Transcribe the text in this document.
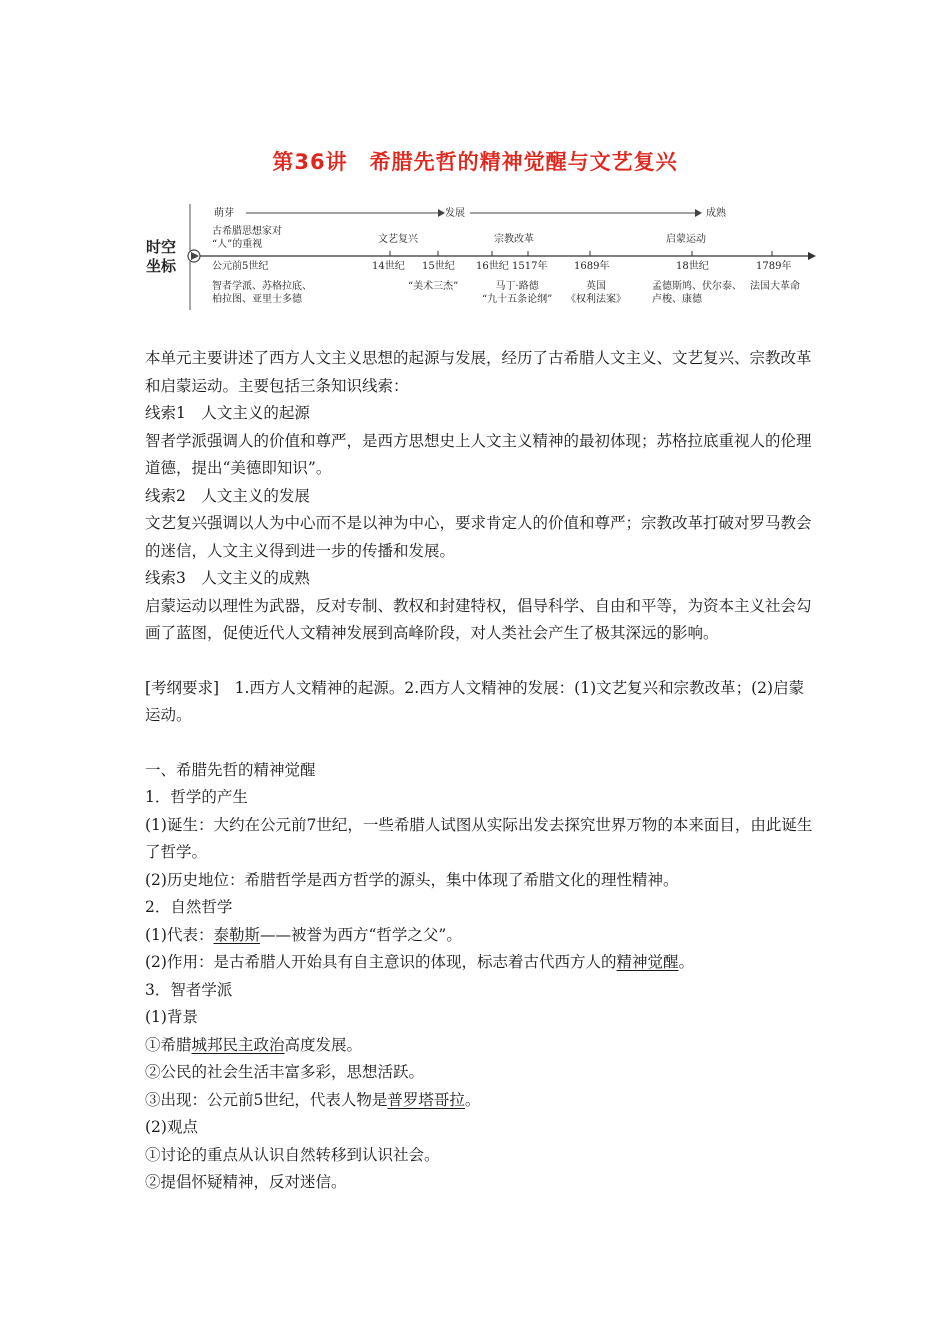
第36讲　希腊先哲的精神觉醒与文艺复兴
时空
坐标
萌芽	发展	成熟
古希腊思想家对
“人”的重视	文艺复兴	宗教改革	启蒙运动
公元前5世纪	14世纪 15世纪 16世纪 1517年	1689年	18世纪	1789年
智者学派、苏格拉底、
柏拉图、亚里士多德
“美术三杰”	马丁·路德
“九十五条论纲”
英国
《权利法案》
孟德斯鸠、伏尔泰、
卢梭、康德
法国大革命

本单元主要讲述了西方人文主义思想的起源与发展，经历了古希腊人文主义、文艺复兴、宗教改革和启蒙运动。主要包括三条知识线索：

线索1　人文主义的起源

智者学派强调人的价值和尊严，是西方思想史上人文主义精神的最初体现；苏格拉底重视人的伦理道德，提出“美德即知识”。

线索2　人文主义的发展

文艺复兴强调以人为中心而不是以神为中心，要求肯定人的价值和尊严；宗教改革打破对罗马教会的迷信，人文主义得到进一步的传播和发展。

线索3　人文主义的成熟

启蒙运动以理性为武器，反对专制、教权和封建特权，倡导科学、自由和平等，为资本主义社会勾画了蓝图，促使近代人文精神发展到高峰阶段，对人类社会产生了极其深远的影响。

[考纲要求]　1.西方人文精神的起源。2.西方人文精神的发展：(1)文艺复兴和宗教改革；(2)启蒙运动。

一、希腊先哲的精神觉醒

1．哲学的产生

(1)诞生：大约在公元前7世纪，一些希腊人试图从实际出发去探究世界万物的本来面目，由此诞生了哲学。

(2)历史地位：希腊哲学是西方哲学的源头，集中体现了希腊文化的理性精神。

2．自然哲学

(1)代表：泰勒斯——被誉为西方“哲学之父”。

(2)作用：是古希腊人开始具有自主意识的体现，标志着古代西方人的精神觉醒。

3．智者学派

(1)背景

①希腊城邦民主政治高度发展。

②公民的社会生活丰富多彩，思想活跃。

③出现：公元前5世纪，代表人物是普罗塔哥拉。

(2)观点

①讨论的重点从认识自然转移到认识社会。

②提倡怀疑精神，反对迷信。
